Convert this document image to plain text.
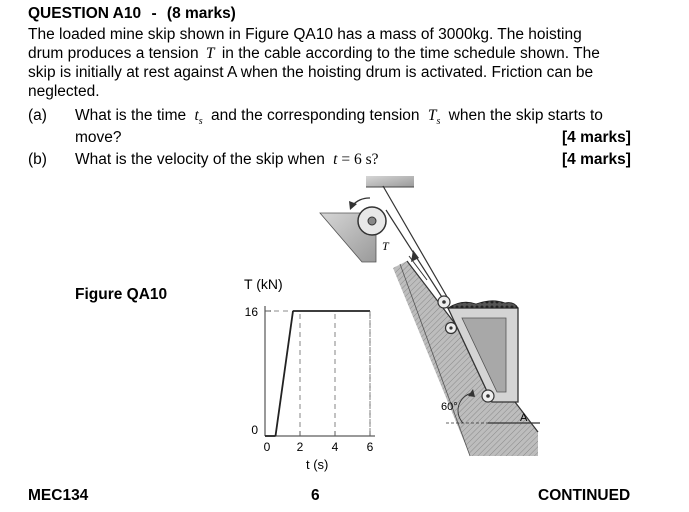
QUESTION A10 - (8 marks)
The loaded mine skip shown in Figure QA10 has a mass of 3000kg. The hoisting
drum produces a tension T in the cable according to the time schedule shown. The
skip is initially at rest against A when the hoisting drum is activated. Friction can be
neglected.
(a) What is the time $t_s$ and the corresponding tension $T_s$ when the skip starts to
move?	[4 marks]
(b) What is the velocity of the skip when t = 6 s?	[4 marks]
Figure QA10
MEC134	6	CONTINUED
T
60°
A
T (kN)
t (s)
0
16
0 2 4 6
